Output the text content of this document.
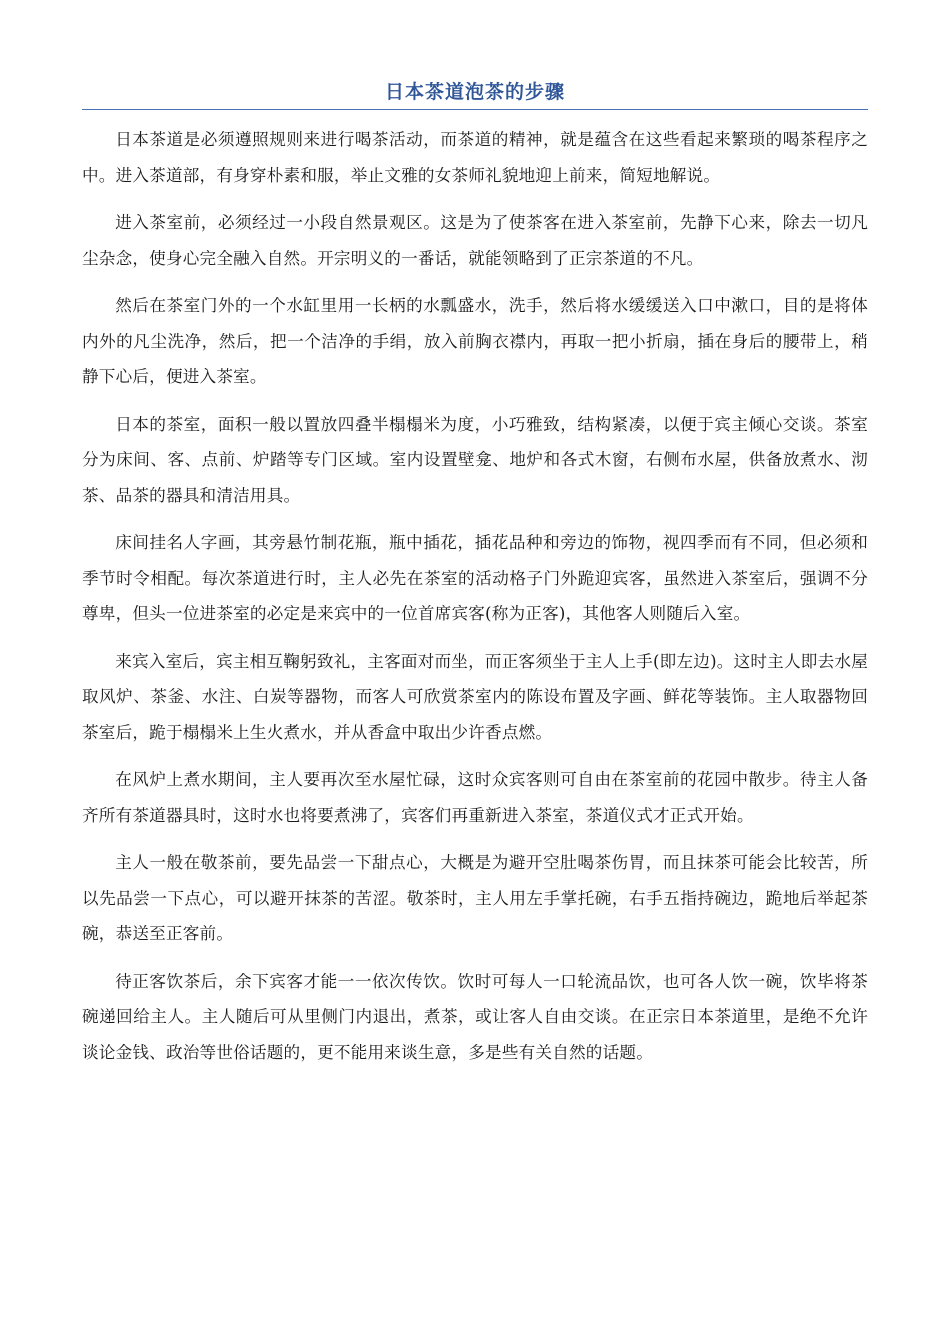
日本茶道泡茶的步骤

日本茶道是必须遵照规则来进行喝茶活动，而茶道的精神，就是蕴含在这些看起来繁琐的喝茶程序之中。进入茶道部，有身穿朴素和服，举止文雅的女茶师礼貌地迎上前来，简短地解说。

进入茶室前，必须经过一小段自然景观区。这是为了使茶客在进入茶室前，先静下心来，除去一切凡尘杂念，使身心完全融入自然。开宗明义的一番话，就能领略到了正宗茶道的不凡。

然后在茶室门外的一个水缸里用一长柄的水瓢盛水，洗手，然后将水缓缓送入口中漱口，目的是将体内外的凡尘洗净，然后，把一个洁净的手绢，放入前胸衣襟内，再取一把小折扇，插在身后的腰带上，稍静下心后，便进入茶室。

日本的茶室，面积一般以置放四叠半榻榻米为度，小巧雅致，结构紧凑，以便于宾主倾心交谈。茶室分为床间、客、点前、炉踏等专门区域。室内设置壁龛、地炉和各式木窗，右侧布水屋，供备放煮水、沏茶、品茶的器具和清洁用具。

床间挂名人字画，其旁悬竹制花瓶，瓶中插花，插花品种和旁边的饰物，视四季而有不同，但必须和季节时令相配。每次茶道进行时，主人必先在茶室的活动格子门外跪迎宾客，虽然进入茶室后，强调不分尊卑，但头一位进茶室的必定是来宾中的一位首席宾客(称为正客)，其他客人则随后入室。

来宾入室后，宾主相互鞠躬致礼，主客面对而坐，而正客须坐于主人上手(即左边)。这时主人即去水屋取风炉、茶釜、水注、白炭等器物，而客人可欣赏茶室内的陈设布置及字画、鲜花等装饰。主人取器物回茶室后，跪于榻榻米上生火煮水，并从香盒中取出少许香点燃。

在风炉上煮水期间，主人要再次至水屋忙碌，这时众宾客则可自由在茶室前的花园中散步。待主人备齐所有茶道器具时，这时水也将要煮沸了，宾客们再重新进入茶室，茶道仪式才正式开始。

主人一般在敬茶前，要先品尝一下甜点心，大概是为避开空肚喝茶伤胃，而且抹茶可能会比较苦，所以先品尝一下点心，可以避开抹茶的苦涩。敬茶时，主人用左手掌托碗，右手五指持碗边，跪地后举起茶碗，恭送至正客前。

待正客饮茶后，余下宾客才能一一依次传饮。饮时可每人一口轮流品饮，也可各人饮一碗，饮毕将茶碗递回给主人。主人随后可从里侧门内退出，煮茶，或让客人自由交谈。在正宗日本茶道里，是绝不允许谈论金钱、政治等世俗话题的，更不能用来谈生意，多是些有关自然的话题。
